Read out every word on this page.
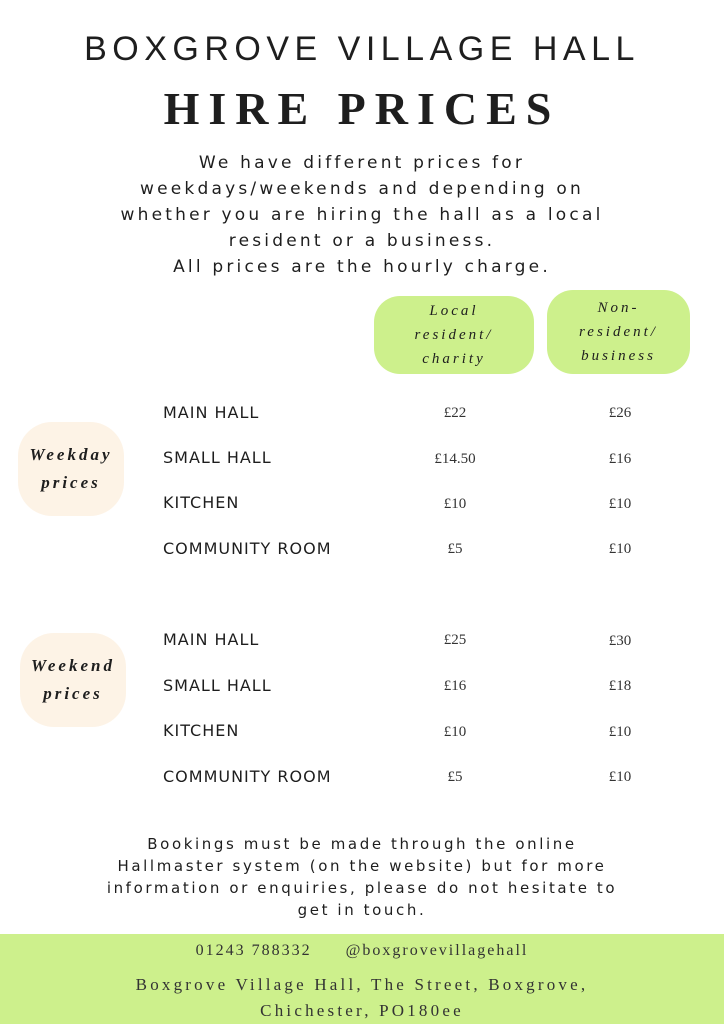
BOXGROVE VILLAGE HALL
HIRE PRICES
We have different prices for
weekdays/weekends and depending on
whether you are hiring the hall as a local
resident or a business.
All prices are the hourly charge.
Local
resident/
charity
Non-
resident/
business
Weekday
prices
MAIN HALL	£22	£26
SMALL HALL	£14.50	£16
KITCHEN	£10	£10
COMMUNITY ROOM	£5	£10
Weekend
prices
MAIN HALL	£25	£30
SMALL HALL	£16	£18
KITCHEN	£10	£10
COMMUNITY ROOM	£5	£10
Bookings must be made through the online
Hallmaster system (on the website) but for more
information or enquiries, please do not hesitate to
get in touch.
01243 788332 @boxgrovevillagehall
Boxgrove Village Hall, The Street, Boxgrove,
Chichester, PO180ee
